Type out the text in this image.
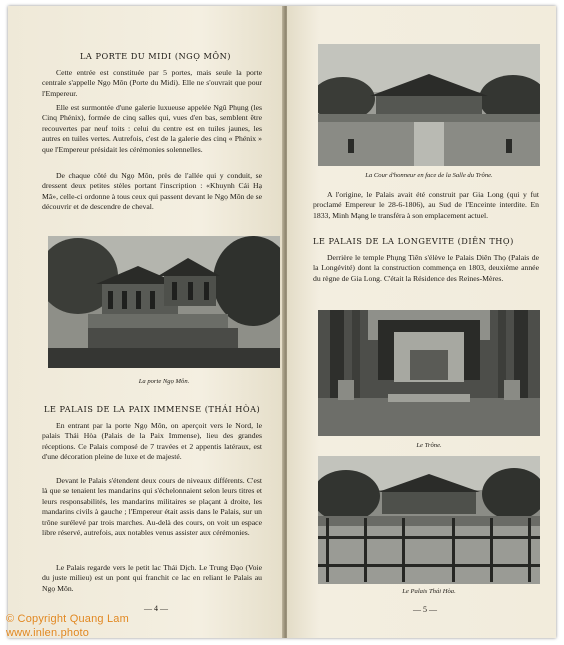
LA PORTE DU MIDI (NGỌ MÔN)

Cette entrée est constituée par 5 portes, mais seule la porte centrale s'appelle Ngọ Môn (Porte du Midi). Elle ne s'ouvrait que pour l'Empereur.

Elle est surmontée d'une galerie luxueuse appelée Ngũ Phụng (les Cinq Phénix), formée de cinq salles qui, vues d'en bas, semblent être recouvertes par neuf toits : celui du centre est en tuiles jaunes, les autres en tuiles vertes. Autrefois, c'est de la galerie des cinq « Phénix » que l'Empereur présidait les cérémonies solennelles.

De chaque côté du Ngọ Môn, près de l'allée qui y conduit, se dressent deux petites stèles portant l'inscription : «Khuynh Cái Hạ Mã», celle-ci ordonne à tous ceux qui passent devant le Ngọ Môn de se découvrir et de descendre de cheval.

La porte Ngọ Môn.
LE PALAIS DE LA PAIX IMMENSE (THÁI HÒA)

En entrant par la porte Ngọ Môn, on aperçoit vers le Nord, le palais Thái Hòa (Palais de la Paix Immense), lieu des grandes réceptions. Ce Palais composé de 7 travées et 2 appentis latéraux, est d'une décoration pleine de luxe et de majesté.

Devant le Palais s'étendent deux cours de niveaux différents. C'est là que se tenaient les mandarins qui s'échelonnaient selon leurs titres et leurs responsabilités, les mandarins militaires se plaçant à droite, les mandarins civils à gauche ; l'Empereur était assis dans le Palais, sur un trône surélevé par trois marches. Au-delà des cours, on voit un espace libre réservé, autrefois, aux notables venus assister aux cérémonies.

Le Palais regarde vers le petit lac Thái Dịch. Le Trung Đạo (Voie du juste milieu) est un pont qui franchit ce lac en reliant le Palais au Ngọ Môn.

— 4 —
La Cour d'honneur en face de la Salle du Trône.

A l'origine, le Palais avait été construit par Gia Long (qui y fut proclamé Empereur le 28-6-1806), au Sud de l'Enceinte interdite. En 1833, Minh Mạng le transféra à son emplacement actuel.

LE PALAIS DE LA LONGEVITE (DIÊN THỌ)

Derrière le temple Phụng Tiên s'élève le Palais Diên Thọ (Palais de la Longévité) dont la construction commença en 1803, deuxième année du règne de Gia Long. C'était la Résidence des Reines-Mères.

Le Trône.
Le Palais Thái Hòa.
— 5 —
© Copyright Quang Lam
www.inlen.photo
